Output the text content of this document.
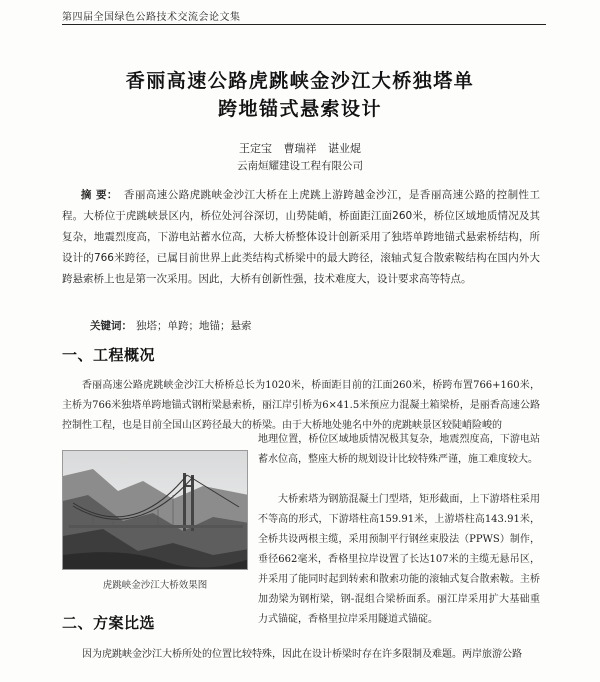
第四届全国绿色公路技术交流会论文集
香丽高速公路虎跳峡金沙江大桥独塔单
跨地锚式悬索设计
王定宝 曹瑞祥 谌业焜
云南烜耀建设工程有限公司
摘 要： 香丽高速公路虎跳峡金沙江大桥在上虎跳上游跨越金沙江，是香丽高速公路的控制性工程。大桥位于虎跳峡景区内，桥位处河谷深切，山势陡峭，桥面距江面260米，桥位区域地质情况及其复杂，地震烈度高，下游电站蓄水位高，大桥大桥整体设计创新采用了独塔单跨地锚式悬索桥结构，所设计的766米跨径，已属目前世界上此类结构式桥梁中的最大跨径，滚轴式复合散索鞍结构在国内外大跨悬索桥上也是第一次采用。因此，大桥有创新性强，技术难度大，设计要求高等特点。
关键词： 独塔；单跨；地锚；悬索
一、工程概况
香丽高速公路虎跳峡金沙江大桥桥总长为1020米，桥面距目前的江面260米，桥跨布置766+160米，主桥为766米独塔单跨地锚式钢桁梁悬索桥，丽江岸引桥为6×41.5米预应力混凝土箱梁桥，是丽香高速公路控制性工程，也是目前全国山区跨径最大的桥梁。由于大桥地处驰名中外的虎跳峡景区较陡峭险峻的
虎跳峡金沙江大桥效果图
地理位置，桥位区域地质情况极其复杂，地震烈度高，下游电站蓄水位高，整座大桥的规划设计比较特殊严谨，施工难度较大。
大桥索塔为钢筋混凝土门型塔，矩形截面，上下游塔柱采用不等高的形式，下游塔柱高159.91米，上游塔柱高143.91米，全桥共设两根主缆，采用预制平行钢丝束股法（PPWS）制作，垂径662毫米，香格里拉岸设置了长达107米的主缆无悬吊区，并采用了能同时起到转索和散索功能的滚轴式复合散索鞍。主桥加劲梁为钢桁梁，钢-混组合梁桥面系。丽江岸采用扩大基础重力式锚碇，香格里拉岸采用隧道式锚碇。
二、方案比选
因为虎跳峡金沙江大桥所处的位置比较特殊，因此在设计桥梁时存在许多限制及难题。两岸旅游公路
